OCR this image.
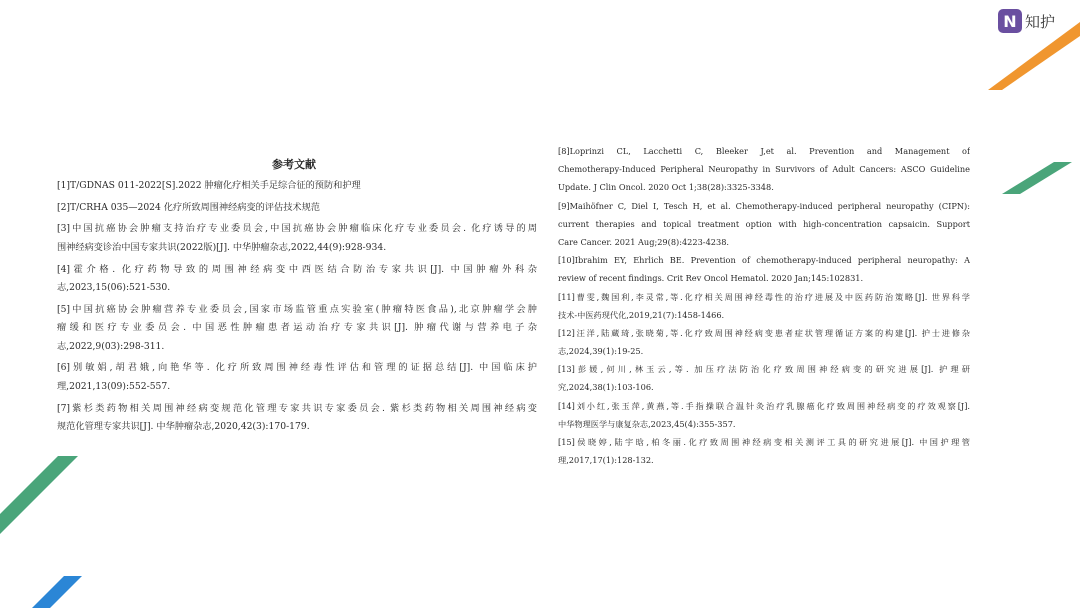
N 知护
参考文献
[1]T/GDNAS 011-2022[S].2022 肿瘤化疗相关手足综合征的预防和护理
[2]T/CRHA 035—2024 化疗所致周围神经病变的评估技术规范
[3]中国抗癌协会肿瘤支持治疗专业委员会,中国抗癌协会肿瘤临床化疗专业委员会. 化疗诱导的周
围神经病变诊治中国专家共识(2022版)[J]. 中华肿瘤杂志,2022,44(9):928-934.
[4]霍介格. 化疗药物导致的周围神经病变中西医结合防治专家共识[J]. 中国肿瘤外科杂
志,2023,15(06):521-530.
[5]中国抗癌协会肿瘤营养专业委员会,国家市场监管重点实验室(肿瘤特医食品),北京肿瘤学会肿
瘤缓和医疗专业委员会. 中国恶性肿瘤患者运动治疗专家共识[J]. 肿瘤代谢与营养电子杂
志,2022,9(03):298-311.
[6]别敏娟,胡君娥,向艳华等. 化疗所致周围神经毒性评估和管理的证据总结[J]. 中国临床护
理,2021,13(09):552-557.
[7]紫杉类药物相关周围神经病变规范化管理专家共识专家委员会. 紫杉类药物相关周围神经病变
规范化管理专家共识[J]. 中华肿瘤杂志,2020,42(3):170-179.
[8]Loprinzi CL, Lacchetti C, Bleeker J,et al. Prevention and Management of
Chemotherapy-Induced Peripheral Neuropathy in Survivors of Adult Cancers: ASCO Guideline
Update. J Clin Oncol. 2020 Oct 1;38(28):3325-3348.
[9]Maihöfner C, Diel I, Tesch H, et al. Chemotherapy-induced peripheral neuropathy (CIPN):
current therapies and topical treatment option with high-concentration capsaicin. Support
Care Cancer. 2021 Aug;29(8):4223-4238.
[10]Ibrahim EY, Ehrlich BE. Prevention of chemotherapy-induced peripheral neuropathy: A
review of recent findings. Crit Rev Oncol Hematol. 2020 Jan;145:102831.
[11]曹雯,魏国利,李灵常,等.化疗相关周围神经毒性的治疗进展及中医药防治策略[J]. 世界科学
技术-中医药现代化,2019,21(7):1458-1466.
[12]汪洋,陆蔵琦,张晓菊,等.化疗致周围神经病变患者症状管理循证方案的构建[J]. 护士进修杂
志,2024,39(1):19-25.
[13]彭媛,何川,林玉云,等. 加压疗法防治化疗致周围神经病变的研究进展[J]. 护理研
究,2024,38(1):103-106.
[14]刘小红,张玉萍,黄燕,等.手指操联合温针灸治疗乳腺癌化疗致周围神经病变的疗效观察[J].
中华物理医学与康复杂志,2023,45(4):355-357.
[15]侯晓婷,陆宇晗,柏冬丽.化疗致周围神经病变相关测评工具的研究进展[J]. 中国护理管
理,2017,17(1):128-132.
